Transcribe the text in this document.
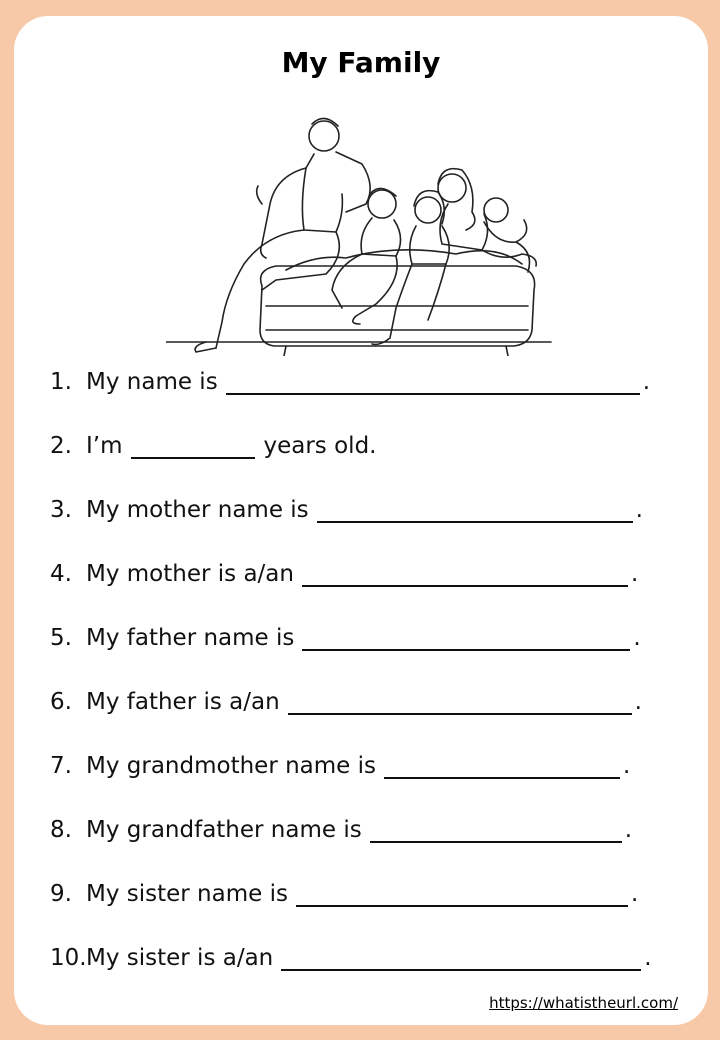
My Family
1. My name is	.
2. I’m	years old.
3. My mother name is	.
4. My mother is a/an	.
5. My father name is	.
6. My father is a/an	.
7. My grandmother name is	.
8. My grandfather name is	.
9. My sister name is	.
10. My sister is a/an	.
https://whatistheurl.com/
